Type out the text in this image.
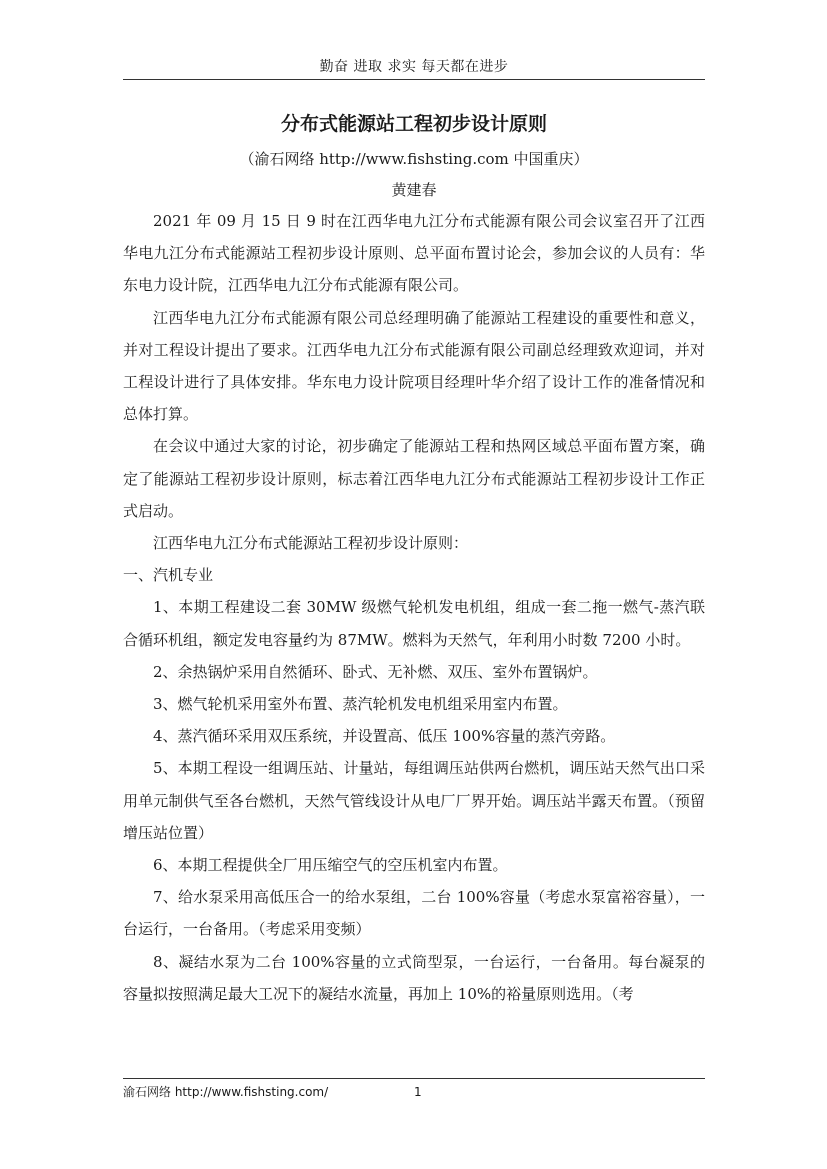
勤奋 进取 求实 每天都在进步
分布式能源站工程初步设计原则
（渝石网络 http://www.fishsting.com 中国重庆）
黄建春

2021 年 09 月 15 日 9 时在江西华电九江分布式能源有限公司会议室召开了江西华电九江分布式能源站工程初步设计原则、总平面布置讨论会，参加会议的人员有：华东电力设计院，江西华电九江分布式能源有限公司。

江西华电九江分布式能源有限公司总经理明确了能源站工程建设的重要性和意义，并对工程设计提出了要求。江西华电九江分布式能源有限公司副总经理致欢迎词，并对工程设计进行了具体安排。华东电力设计院项目经理叶华介绍了设计工作的准备情况和总体打算。

在会议中通过大家的讨论，初步确定了能源站工程和热网区域总平面布置方案，确定了能源站工程初步设计原则，标志着江西华电九江分布式能源站工程初步设计工作正式启动。

江西华电九江分布式能源站工程初步设计原则：

一、汽机专业

1、本期工程建设二套 30MW 级燃气轮机发电机组，组成一套二拖一燃气-蒸汽联合循环机组，额定发电容量约为 87MW。燃料为天然气，年利用小时数 7200 小时。

2、余热锅炉采用自然循环、卧式、无补燃、双压、室外布置锅炉。

3、燃气轮机采用室外布置、蒸汽轮机发电机组采用室内布置。

4、蒸汽循环采用双压系统，并设置高、低压 100%容量的蒸汽旁路。

5、本期工程设一组调压站、计量站，每组调压站供两台燃机，调压站天然气出口采用单元制供气至各台燃机，天然气管线设计从电厂厂界开始。调压站半露天布置。（预留增压站位置）

6、本期工程提供全厂用压缩空气的空压机室内布置。

7、给水泵采用高低压合一的给水泵组，二台 100%容量（考虑水泵富裕容量），一台运行，一台备用。（考虑采用变频）

8、凝结水泵为二台 100%容量的立式筒型泵，一台运行，一台备用。每台凝泵的容量拟按照满足最大工况下的凝结水流量，再加上 10%的裕量原则选用。（考

渝石网络 http://www.fishsting.com/	1
